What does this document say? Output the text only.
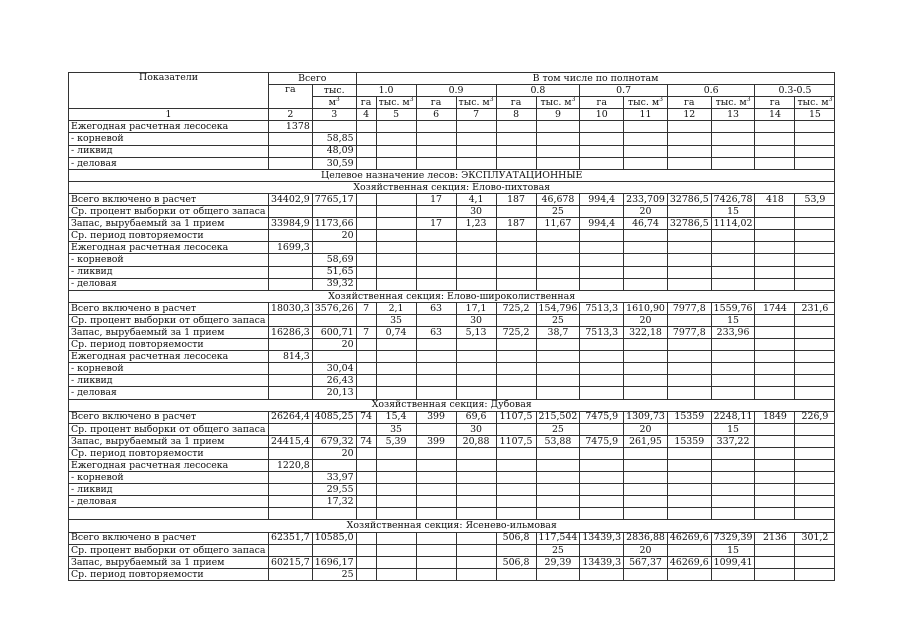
Показатели	Всего		В том числе по полнотам											
	га	тыс.	1.0		0.9		0.8		0.7		0.6		0.3-0.5	
		$м^3$	га	тыс. $м^3$	га	тыс. $м^3$	га	тыс. $м^3$	га	тыс. $м^3$	га	тыс. $м^3$	га	тыс. $м^3$
1	2	3	4	5	6	7	8	9	10	11	12	13	14	15
Ежегодная расчетная лесосека	1378													
- корневой		58,85												
- ликвид		48,09												
- деловая		30,59												
Целевое назначение лесов: ЭКСПЛУАТАЦИОННЫЕ														
Хозяйственная секция: Елово-пихтовая														
Всего включено в расчет	34402,9	7765,17			17	4,1	187	46,678	994,4	233,709	32786,5	7426,78	418	53,9
Ср. процент выборки от общего запаса						30		25		20		15		
Запас, вырубаемый за 1 прием	33984,9	1173,66			17	1,23	187	11,67	994,4	46,74	32786,5	1114,02		
Ср. период повторяемости		20												
Ежегодная расчетная лесосека	1699,3													
- корневой		58,69												
- ликвид		51,65												
- деловая		39,32												
Хозяйственная секция: Елово-широколиственная														
Всего включено в расчет	18030,3	3576,26	7	2,1	63	17,1	725,2	154,796	7513,3	1610,90	7977,8	1559,76	1744	231,6
Ср. процент выборки от общего запаса				35		30		25		20		15		
Запас, вырубаемый за 1 прием	16286,3	600,71	7	0,74	63	5,13	725,2	38,7	7513,3	322,18	7977,8	233,96		
Ср. период повторяемости		20												
Ежегодная расчетная лесосека	814,3													
- корневой		30,04												
- ликвид		26,43												
- деловая		20,13												
Хозяйственная секция: Дубовая														
Всего включено в расчет	26264,4	4085,25	74	15,4	399	69,6	1107,5	215,502	7475,9	1309,73	15359	2248,11	1849	226,9
Ср. процент выборки от общего запаса				35		30		25		20		15		
Запас, вырубаемый за 1 прием	24415,4	679,32	74	5,39	399	20,88	1107,5	53,88	7475,9	261,95	15359	337,22		
Ср. период повторяемости		20												
Ежегодная расчетная лесосека	1220,8													
- корневой		33,97												
- ликвид		29,55												
- деловая		17,32												

Хозяйственная секция: Ясенево-ильмовая														
Всего включено в расчет	62351,7	10585,0					506,8	117,544	13439,3	2836,88	46269,6	7329,39	2136	301,2
Ср. процент выборки от общего запаса								25		20		15		
Запас, вырубаемый за 1 прием	60215,7	1696,17					506,8	29,39	13439,3	567,37	46269,6	1099,41		
Ср. период повторяемости		25												
